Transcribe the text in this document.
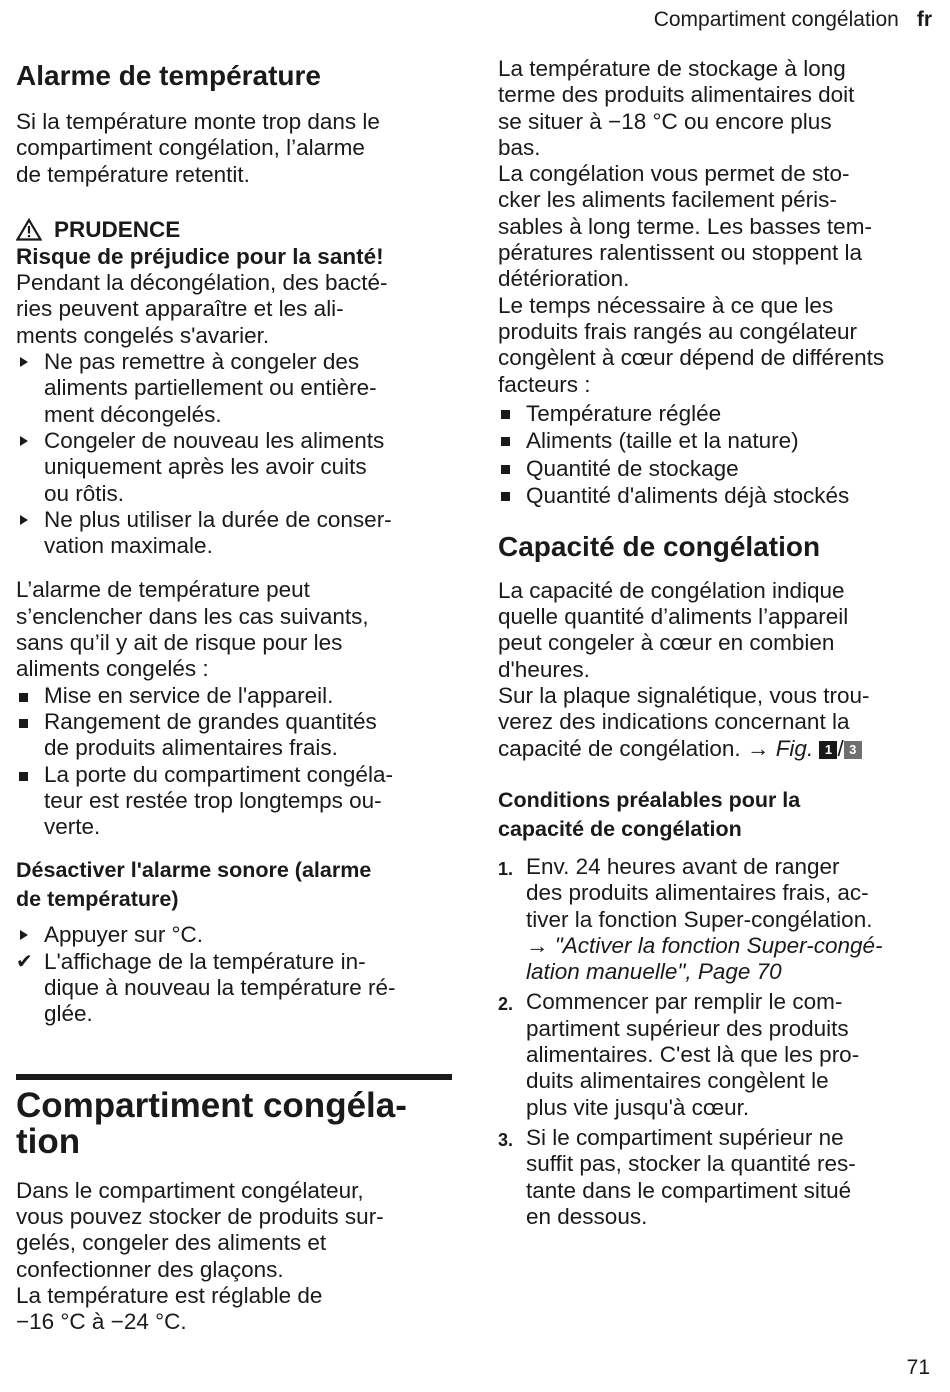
Compartiment congélation fr
Alarme de température

Si la température monte trop dans le

compartiment congélation, l’alarme

de température retentit.

PRUDENCE

Risque de préjudice pour la santé!

Pendant la décongélation, des bacté-

ries peuvent apparaître et les ali-

ments congelés s'avarier.

Ne pas remettre à congeler des
aliments partiellement ou entière-
ment décongelés.
Congeler de nouveau les aliments
uniquement après les avoir cuits
ou rôtis.
Ne plus utiliser la durée de conser-
vation maximale.

L’alarme de température peut

s’enclencher dans les cas suivants,

sans qu’il y ait de risque pour les

aliments congelés :

Mise en service de l'appareil.
Rangement de grandes quantités
de produits alimentaires frais.
La porte du compartiment congéla-
teur est restée trop longtemps ou-
verte.
Désactiver l'alarme sonore (alarme
de température)
Appuyer sur °C.
✔ L'affichage de la température in-
dique à nouveau la température ré-
glée.
Compartiment congéla-
tion

Dans le compartiment congélateur,

vous pouvez stocker de produits sur-

gelés, congeler des aliments et

confectionner des glaçons.

La température est réglable de

−16 °C à −24 °C.

La température de stockage à long

terme des produits alimentaires doit

se situer à −18 °C ou encore plus

bas.

La congélation vous permet de sto-

cker les aliments facilement péris-

sables à long terme. Les basses tem-

pératures ralentissent ou stoppent la

détérioration.

Le temps nécessaire à ce que les

produits frais rangés au congélateur

congèlent à cœur dépend de différents

facteurs :

Température réglée
Aliments (taille et la nature)
Quantité de stockage
Quantité d'aliments déjà stockés
Capacité de congélation

La capacité de congélation indique

quelle quantité d’aliments l’appareil

peut congeler à cœur en combien

d'heures.

Sur la plaque signalétique, vous trou-

verez des indications concernant la

capacité de congélation. → Fig. 1 / 3

Conditions préalables pour la
capacité de congélation
1. Env. 24 heures avant de ranger
des produits alimentaires frais, ac-
tiver la fonction Super-congélation.
→ "Activer la fonction Super-congé-
lation manuelle", Page 70
2. Commencer par remplir le com-
partiment supérieur des produits
alimentaires. C'est là que les pro-
duits alimentaires congèlent le
plus vite jusqu'à cœur.
3. Si le compartiment supérieur ne
suffit pas, stocker la quantité res-
tante dans le compartiment situé
en dessous.
71
